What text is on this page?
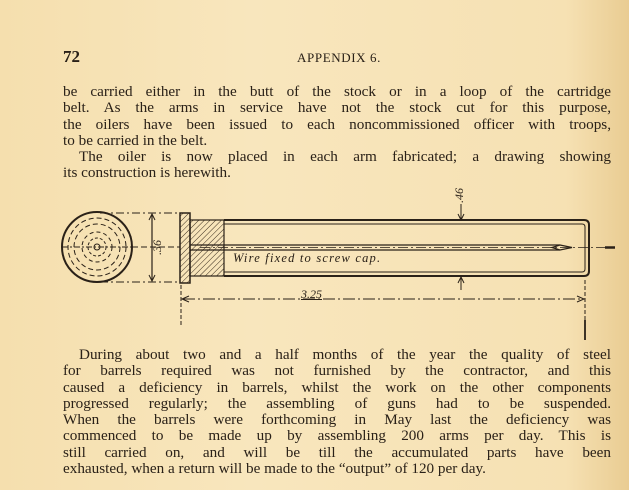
72	APPENDIX 6.
be carried either in the butt of the stock or in a loop of the cartridge
belt. As the arms in service have not the stock cut for this purpose,
the oilers have been issued to each noncommissioned officer with troops,
to be carried in the belt.
The oiler is now placed in each arm fabricated; a drawing showing
its construction is herewith.
During about two and a half months of the year the quality of steel
for barrels required was not furnished by the contractor, and this
caused a deficiency in barrels, whilst the work on the other components
progressed regularly; the assembling of guns had to be suspended.
When the barrels were forthcoming in May last the deficiency was
commenced to be made up by assembling 200 arms per day. This is
still carried on, and will be till the accumulated parts have been
exhausted, when a return will be made to the “output” of 120 per day.
Wire fixed to screw cap.
3.25
.36
.46
